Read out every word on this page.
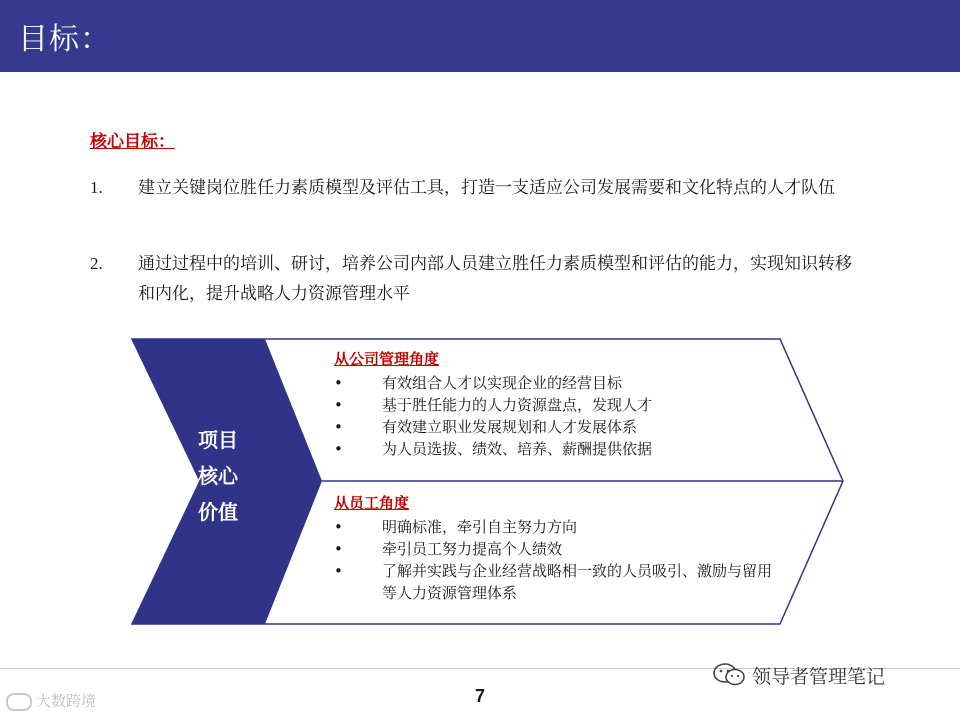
目标：
核心目标：
1. 建立关键岗位胜任力素质模型及评估工具，打造一支适应公司发展需要和文化特点的人才队伍
2. 通过过程中的培训、研讨，培养公司内部人员建立胜任力素质模型和评估的能力，实现知识转移和内化，提升战略人力资源管理水平
项目
核心
价值
从公司管理角度
•	有效组合人才以实现企业的经营目标
•	基于胜任能力的人力资源盘点，发现人才
•	有效建立职业发展规划和人才发展体系
•	为人员选拔、绩效、培养、薪酬提供依据
从员工角度
•	明确标准，牵引自主努力方向
•	牵引员工努力提高个人绩效
•	了解并实践与企业经营战略相一致的人员吸引、激励与留用等人力资源管理体系
7
领导者管理笔记
大数跨境
